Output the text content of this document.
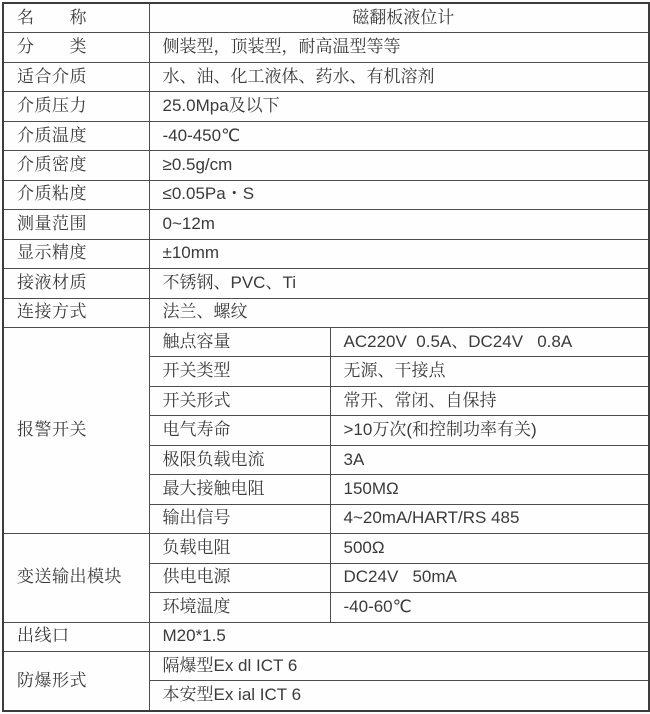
名　　称	磁翻板液位计	
分　　类	侧装型，顶装型，耐高温型等等	
适合介质	水、油、化工液体、药水、有机溶剂	
介质压力	25.0Mpa及以下	
介质温度	-40-450℃	
介质密度	≥0.5g/cm	
介质粘度	≤0.05Pa・S	
测量范围	0~12m	
显示精度	±10mm	
接液材质	不锈钢、PVC、Ti	
连接方式	法兰、螺纹	
报警开关	触点容量	AC220V  0.5A、DC24V   0.8A
	开关类型	无源、干接点
	开关形式	常开、常闭、自保持
	电气寿命	>10万次(和控制功率有关)
	极限负载电流	3A
	最大接触电阻	150MΩ
	输出信号	4~20mA/HART/RS 485
变送输出模块	负载电阻	500Ω
	供电电源	DC24V   50mA
	环境温度	-40-60℃
出线口	M20*1.5	
防爆形式	隔爆型Ex dl ICT 6	
	本安型Ex ial ICT 6	
